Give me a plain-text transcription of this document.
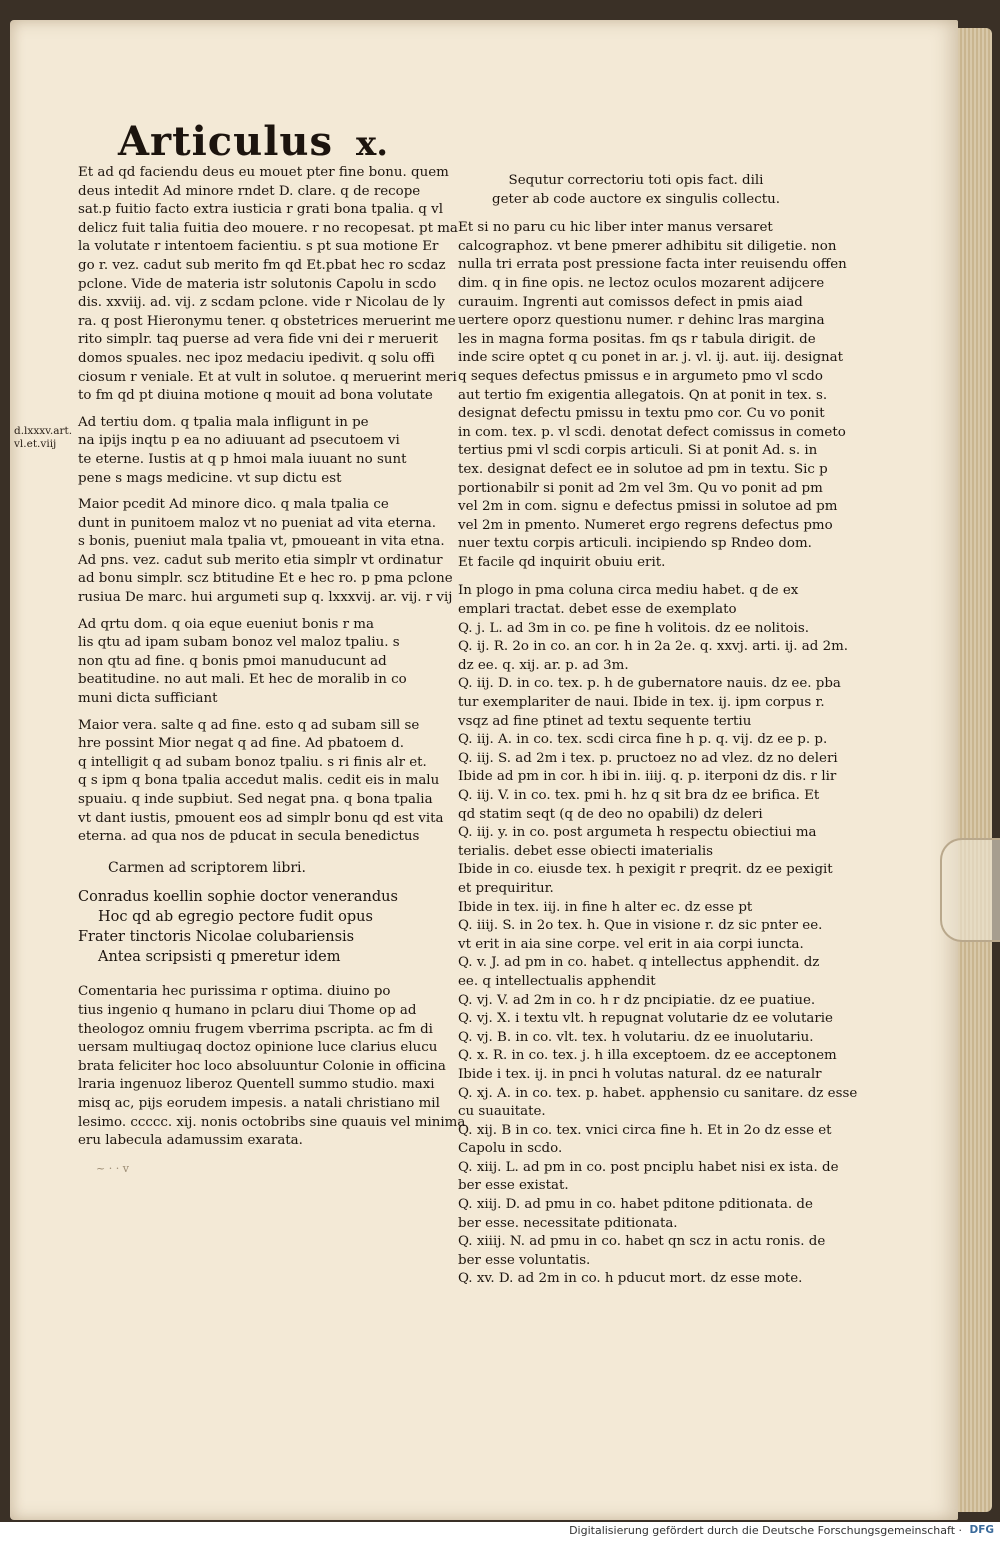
Articulus x.
d.lxxxv.art.
vl.et.viij
Et ad qd faciendu deus eu mouet pter fine bonu. quem
deus intedit Ad minore rndet D. clare. q de recope
sat.p fuitio facto extra iusticia r grati bona tpalia. q vl
delicz fuit talia fuitia deo mouere. r no recopesat. pt ma
la volutate r intentoem facientiu. s pt sua motione Er
go r. vez. cadut sub merito fm qd Et.pbat hec ro scdaz
pclone. Vide de materia istr solutonis Capolu in scdo
dis. xxviij. ad. vij. z scdam pclone. vide r Nicolau de ly
ra. q post Hieronymu tener. q obstetrices meruerint me
rito simplr. taq puerse ad vera fide vni dei r meruerit
domos spuales. nec ipoz medaciu ipedivit. q solu offi
ciosum r veniale. Et at vult in solutoe. q meruerint meri
to fm qd pt diuina motione q mouit ad bona volutate
Ad tertiu dom. q tpalia mala infligunt in pe
na ipijs inqtu p ea no adiuuant ad psecutoem vi
te eterne. Iustis at q p hmoi mala iuuant no sunt
pene s mags medicine. vt sup dictu est
Maior pcedit Ad minore dico. q mala tpalia ce
dunt in punitoem maloz vt no pueniat ad vita eterna.
s bonis, pueniut mala tpalia vt, pmoueant in vita etna.
Ad pns. vez. cadut sub merito etia simplr vt ordinatur
ad bonu simplr. scz btitudine Et e hec ro. p pma pclone
rusiua De marc. hui argumeti sup q. lxxxvij. ar. vij. r vij
Ad qrtu dom. q oia eque eueniut bonis r ma
lis qtu ad ipam subam bonoz vel maloz tpaliu. s
non qtu ad fine. q bonis pmoi manuducunt ad
beatitudine. no aut mali. Et hec de moralib in co
muni dicta sufficiant
Maior vera. salte q ad fine. esto q ad subam sill se
hre possint Mior negat q ad fine. Ad pbatoem d.
q intelligit q ad subam bonoz tpaliu. s ri finis alr et.
q s ipm q bona tpalia accedut malis. cedit eis in malu
spuaiu. q inde supbiut. Sed negat pna. q bona tpalia
vt dant iustis, pmouent eos ad simplr bonu qd est vita
eterna. ad qua nos de pducat in secula benedictus

Carmen ad scriptorem libri.

Conradus koellin sophie doctor venerandus
Hoc qd ab egregio pectore fudit opus
Frater tinctoris Nicolae colubariensis
Antea scripsisti q pmeretur idem
Comentaria hec purissima r optima. diuino po
tius ingenio q humano in pclaru diui Thome op ad
theologoz omniu frugem vberrima pscripta. ac fm di
uersam multiugaq doctoz opinione luce clarius elucu
brata feliciter hoc loco absoluuntur Colonie in officina
lraria ingenuoz liberoz Quentell summo studio. maxi
misq ac, pijs eorudem impesis. a natali christiano mil
lesimo. ccccc. xij. nonis octobribs sine quauis vel minima
eru labecula adamussim exarata.
Sequtur correctoriu toti opis fact. dili
geter ab code auctore ex singulis collectu.
Et si no paru cu hic liber inter manus versaret
calcographoz. vt bene pmerer adhibitu sit diligetie. non
nulla tri errata post pressione facta inter reuisendu offen
dim. q in fine opis. ne lectoz oculos mozarent adijcere
curauim. Ingrenti aut comissos defect in pmis aiad
uertere oporz questionu numer. r dehinc lras margina
les in magna forma positas. fm qs r tabula dirigit. de
inde scire optet q cu ponet in ar. j. vl. ij. aut. iij. designat
q seques defectus pmissus e in argumeto pmo vl scdo
aut tertio fm exigentia allegatois. Qn at ponit in tex. s.
designat defectu pmissu in textu pmo cor. Cu vo ponit
in com. tex. p. vl scdi. denotat defect comissus in cometo
tertius pmi vl scdi corpis articuli. Si at ponit Ad. s. in
tex. designat defect ee in solutoe ad pm in textu. Sic p
portionabilr si ponit ad 2m vel 3m. Qu vo ponit ad pm
vel 2m in com. signu e defectus pmissi in solutoe ad pm
vel 2m in pmento. Numeret ergo regrens defectus pmo
nuer textu corpis articuli. incipiendo sp Rndeo dom.
Et facile qd inquirit obuiu erit.
In plogo in pma coluna circa mediu habet. q de ex
emplari tractat. debet esse de exemplato
Q. j. L. ad 3m in co. pe fine h volitois. dz ee nolitois.
Q. ij. R. 2o in co. an cor. h in 2a 2e. q. xxvj. arti. ij. ad 2m.
dz ee. q. xij. ar. p. ad 3m.
Q. iij. D. in co. tex. p. h de gubernatore nauis. dz ee. pba
tur exemplariter de naui. Ibide in tex. ij. ipm corpus r.
vsqz ad fine ptinet ad textu sequente tertiu
Q. iij. A. in co. tex. scdi circa fine h p. q. vij. dz ee p. p.
Q. iij. S. ad 2m i tex. p. pructoez no ad vlez. dz no deleri
Ibide ad pm in cor. h ibi in. iiij. q. p. iterponi dz dis. r lir
Q. iij. V. in co. tex. pmi h. hz q sit bra dz ee brifica. Et
qd statim seqt (q de deo no opabili) dz deleri
Q. iij. y. in co. post argumeta h respectu obiectiui ma
terialis. debet esse obiecti imaterialis
Ibide in co. eiusde tex. h pexigit r preqrit. dz ee pexigit
et prequiritur.
Ibide in tex. iij. in fine h alter ec. dz esse pt
Q. iiij. S. in 2o tex. h. Que in visione r. dz sic pnter ee.
vt erit in aia sine corpe. vel erit in aia corpi iuncta.
Q. v. J. ad pm in co. habet. q intellectus apphendit. dz
ee. q intellectualis apphendit
Q. vj. V. ad 2m in co. h r dz pncipiatie. dz ee puatiue.
Q. vj. X. i textu vlt. h repugnat volutarie dz ee volutarie
Q. vj. B. in co. vlt. tex. h volutariu. dz ee inuolutariu.
Q. x. R. in co. tex. j. h illa exceptoem. dz ee acceptonem
Ibide i tex. ij. in pnci h volutas natural. dz ee naturalr
Q. xj. A. in co. tex. p. habet. apphensio cu sanitare. dz esse
cu suauitate.
Q. xij. B in co. tex. vnici circa fine h. Et in 2o dz esse et
Capolu in scdo.
Q. xiij. L. ad pm in co. post pnciplu habet nisi ex ista. de
ber esse existat.
Q. xiij. D. ad pmu in co. habet pditone pditionata. de
ber esse. necessitate pditionata.
Q. xiiij. N. ad pmu in co. habet qn scz in actu ronis. de
ber esse voluntatis.
Q. xv. D. ad 2m in co. h pducut mort. dz esse mote.
~ · · v
Digitalisierung gefördert durch die Deutsche Forschungsgemeinschaft · DFG
